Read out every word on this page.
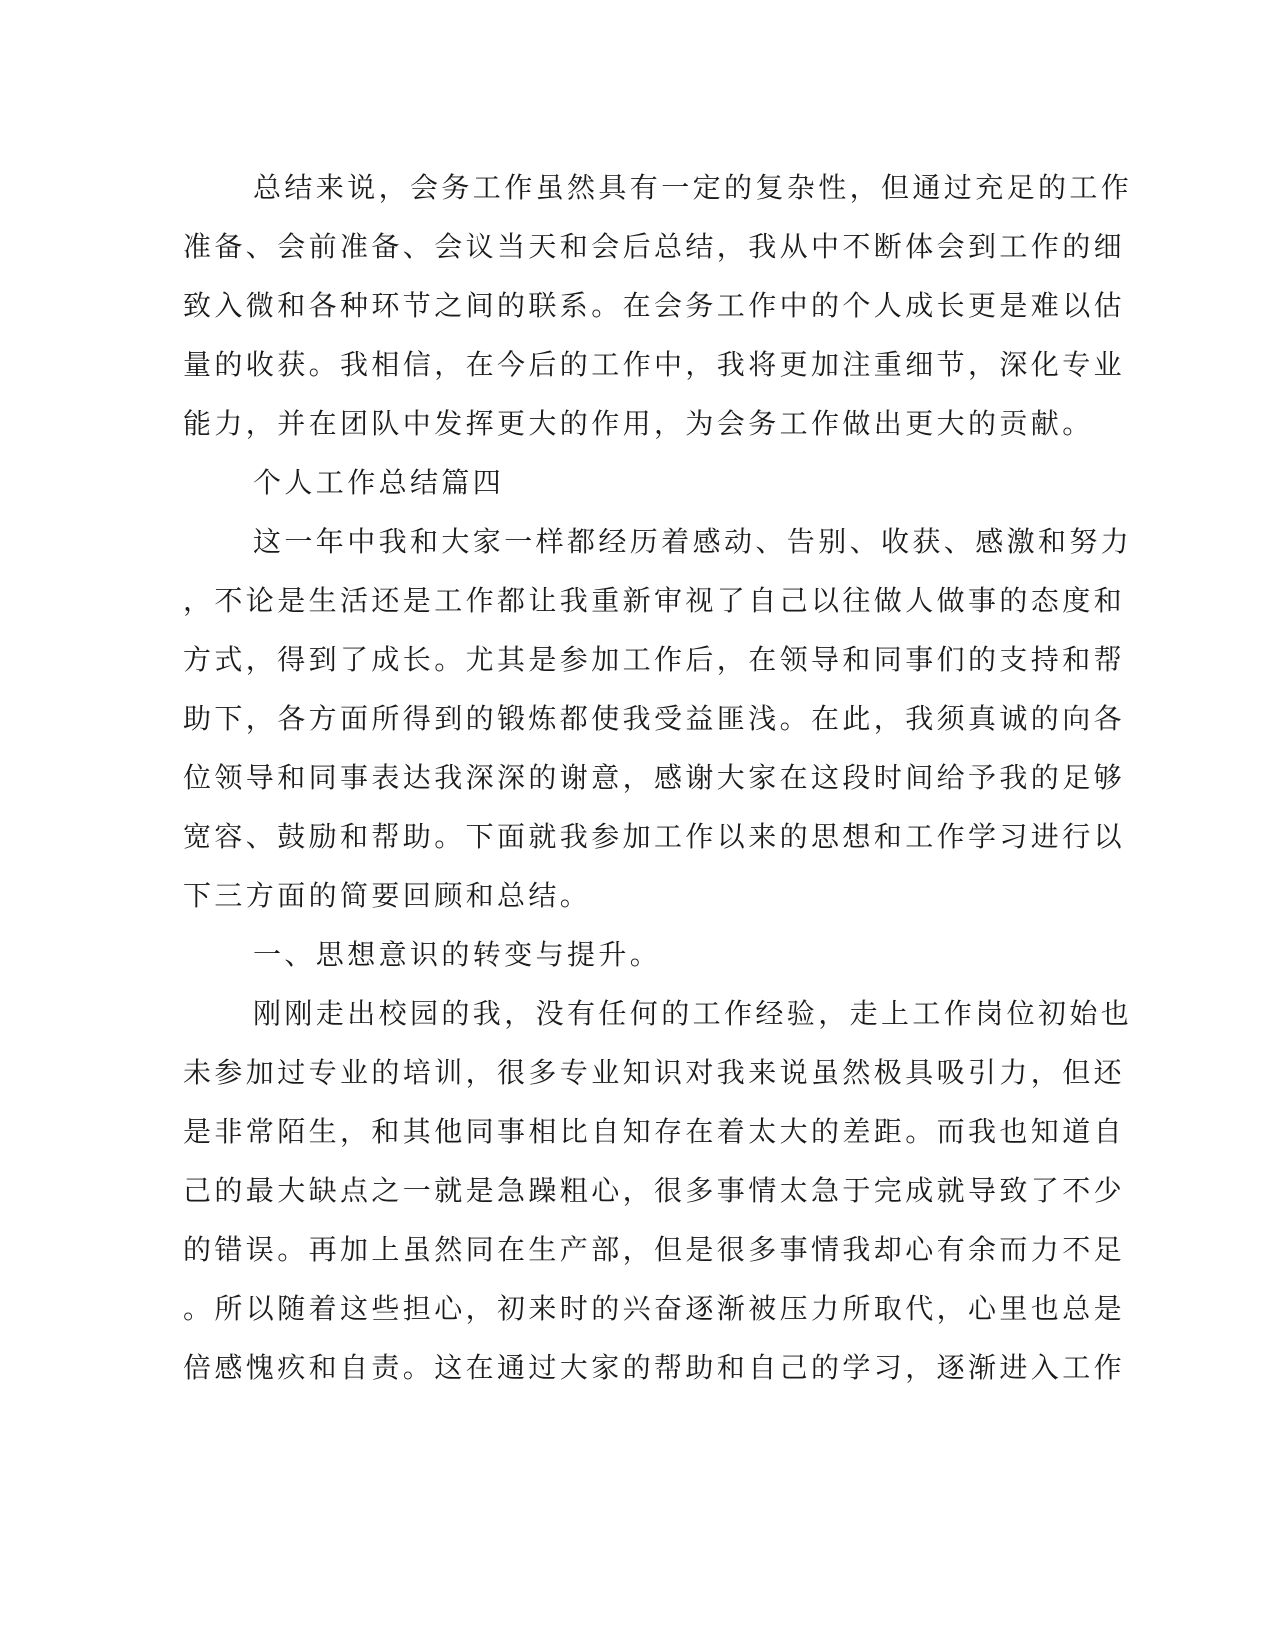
总结来说，会务工作虽然具有一定的复杂性，但通过充足的工作
准备、会前准备、会议当天和会后总结，我从中不断体会到工作的细
致入微和各种环节之间的联系。在会务工作中的个人成长更是难以估
量的收获。我相信，在今后的工作中，我将更加注重细节，深化专业
能力，并在团队中发挥更大的作用，为会务工作做出更大的贡献。
个人工作总结篇四
这一年中我和大家一样都经历着感动、告别、收获、感激和努力
，不论是生活还是工作都让我重新审视了自己以往做人做事的态度和
方式，得到了成长。尤其是参加工作后，在领导和同事们的支持和帮
助下，各方面所得到的锻炼都使我受益匪浅。在此，我须真诚的向各
位领导和同事表达我深深的谢意，感谢大家在这段时间给予我的足够
宽容、鼓励和帮助。下面就我参加工作以来的思想和工作学习进行以
下三方面的简要回顾和总结。
一、思想意识的转变与提升。
刚刚走出校园的我，没有任何的工作经验，走上工作岗位初始也
未参加过专业的培训，很多专业知识对我来说虽然极具吸引力，但还
是非常陌生，和其他同事相比自知存在着太大的差距。而我也知道自
己的最大缺点之一就是急躁粗心，很多事情太急于完成就导致了不少
的错误。再加上虽然同在生产部，但是很多事情我却心有余而力不足
。所以随着这些担心，初来时的兴奋逐渐被压力所取代，心里也总是
倍感愧疚和自责。这在通过大家的帮助和自己的学习，逐渐进入工作
